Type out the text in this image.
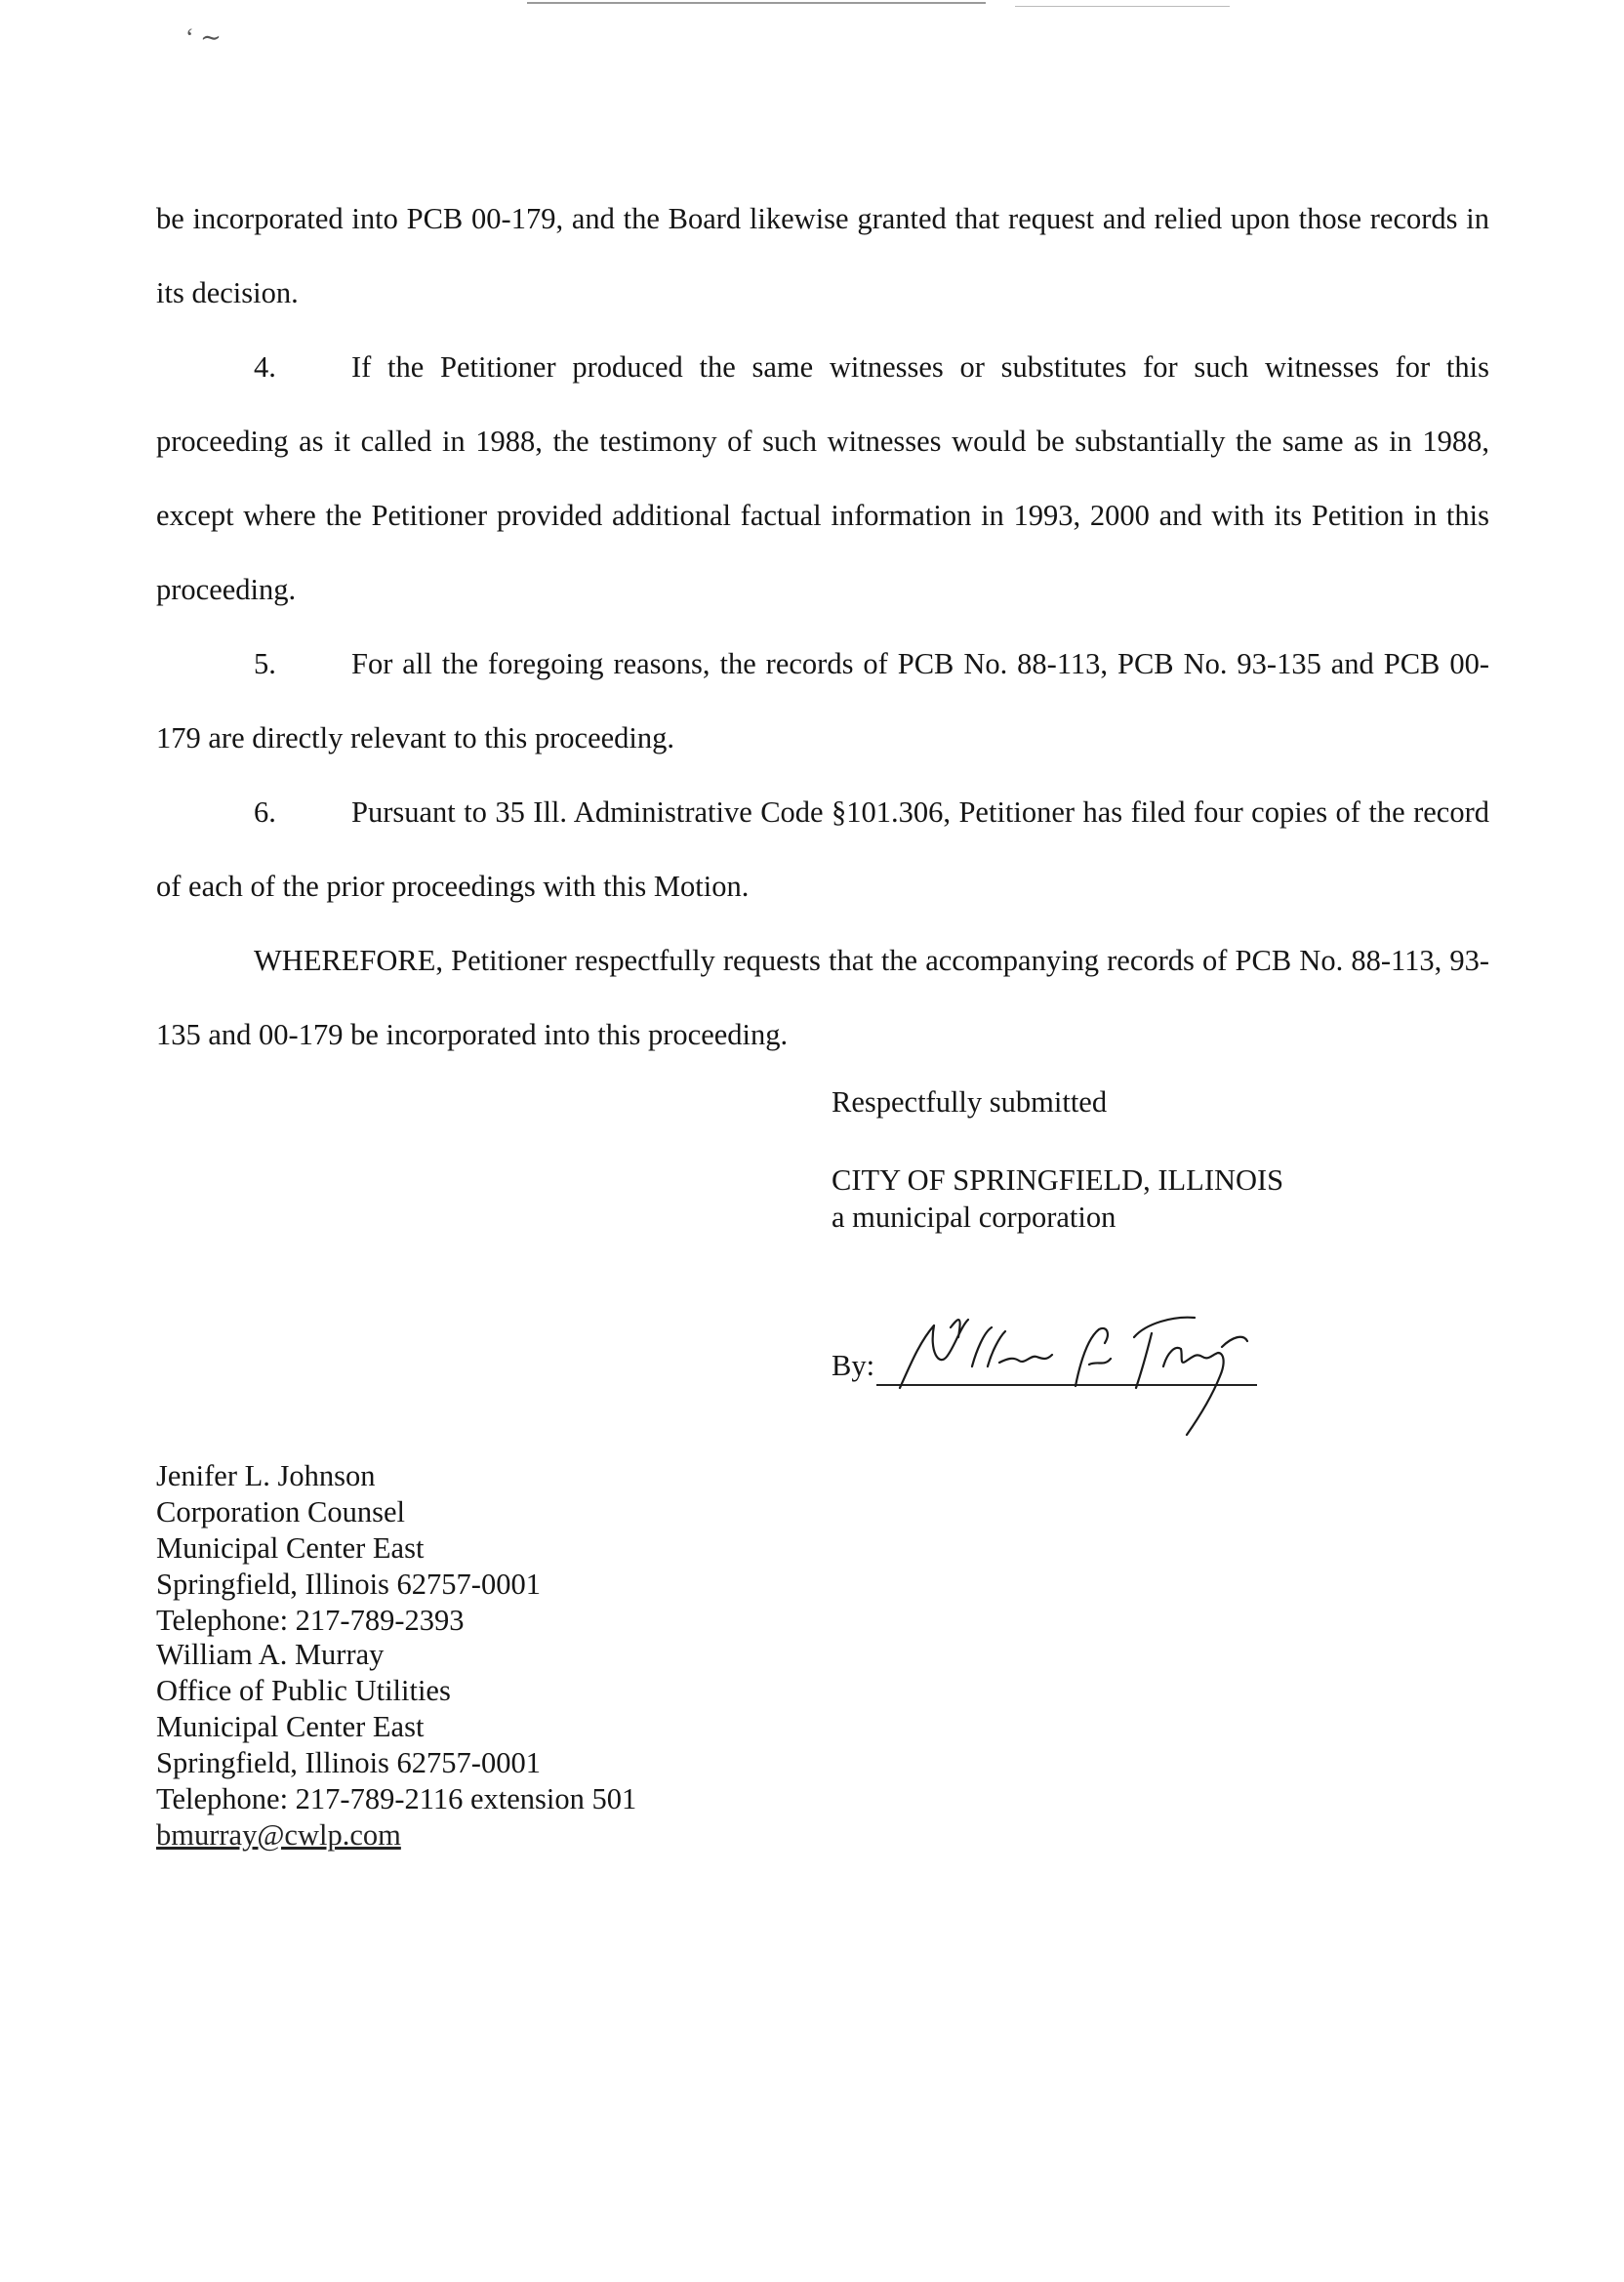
‘ ∼

be incorporated into PCB 00-179, and the Board likewise granted that request and relied upon those records in its decision.

4.	If the Petitioner produced the same witnesses or substitutes for such witnesses for this proceeding as it called in 1988, the testimony of such witnesses would be substantially the same as in 1988, except where the Petitioner provided additional factual information in 1993, 2000 and with its Petition in this proceeding.

5.	For all the foregoing reasons, the records of PCB No. 88-113, PCB No. 93-135 and PCB 00-179 are directly relevant to this proceeding.

6.	Pursuant to 35 Ill. Administrative Code §101.306, Petitioner has filed four copies of the record of each of the prior proceedings with this Motion.

WHEREFORE, Petitioner respectfully requests that the accompanying records of PCB No. 88-113, 93-135 and 00-179 be incorporated into this proceeding.

Respectfully submitted

CITY OF SPRINGFIELD, ILLINOIS
a municipal corporation
By:
Jenifer L. Johnson
Corporation Counsel
Municipal Center East
Springfield, Illinois 62757-0001
Telephone: 217-789-2393
William A. Murray
Office of Public Utilities
Municipal Center East
Springfield, Illinois 62757-0001
Telephone: 217-789-2116 extension 501
bmurray@cwlp.com
